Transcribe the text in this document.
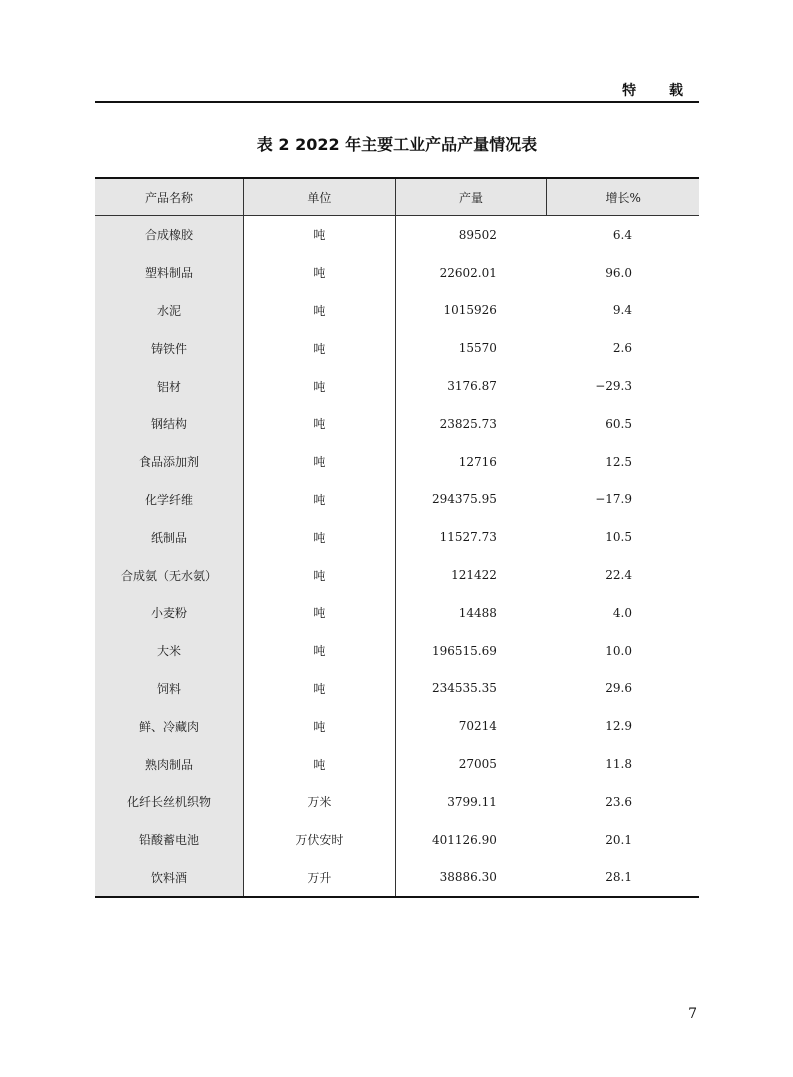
特 载
表 2 2022 年主要工业产品产量情况表
产品名称	单位	产量	增长%
合成橡胶	吨	89502	6.4
塑料制品	吨	22602.01	96.0
水泥	吨	1015926	9.4
铸铁件	吨	15570	2.6
铝材	吨	3176.87	−29.3
钢结构	吨	23825.73	60.5
食品添加剂	吨	12716	12.5
化学纤维	吨	294375.95	−17.9
纸制品	吨	11527.73	10.5
合成氨（无水氨）	吨	121422	22.4
小麦粉	吨	14488	4.0
大米	吨	196515.69	10.0
饲料	吨	234535.35	29.6
鲜、冷藏肉	吨	70214	12.9
熟肉制品	吨	27005	11.8
化纤长丝机织物	万米	3799.11	23.6
铅酸蓄电池	万伏安时	401126.90	20.1
饮料酒	万升	38886.30	28.1
7
